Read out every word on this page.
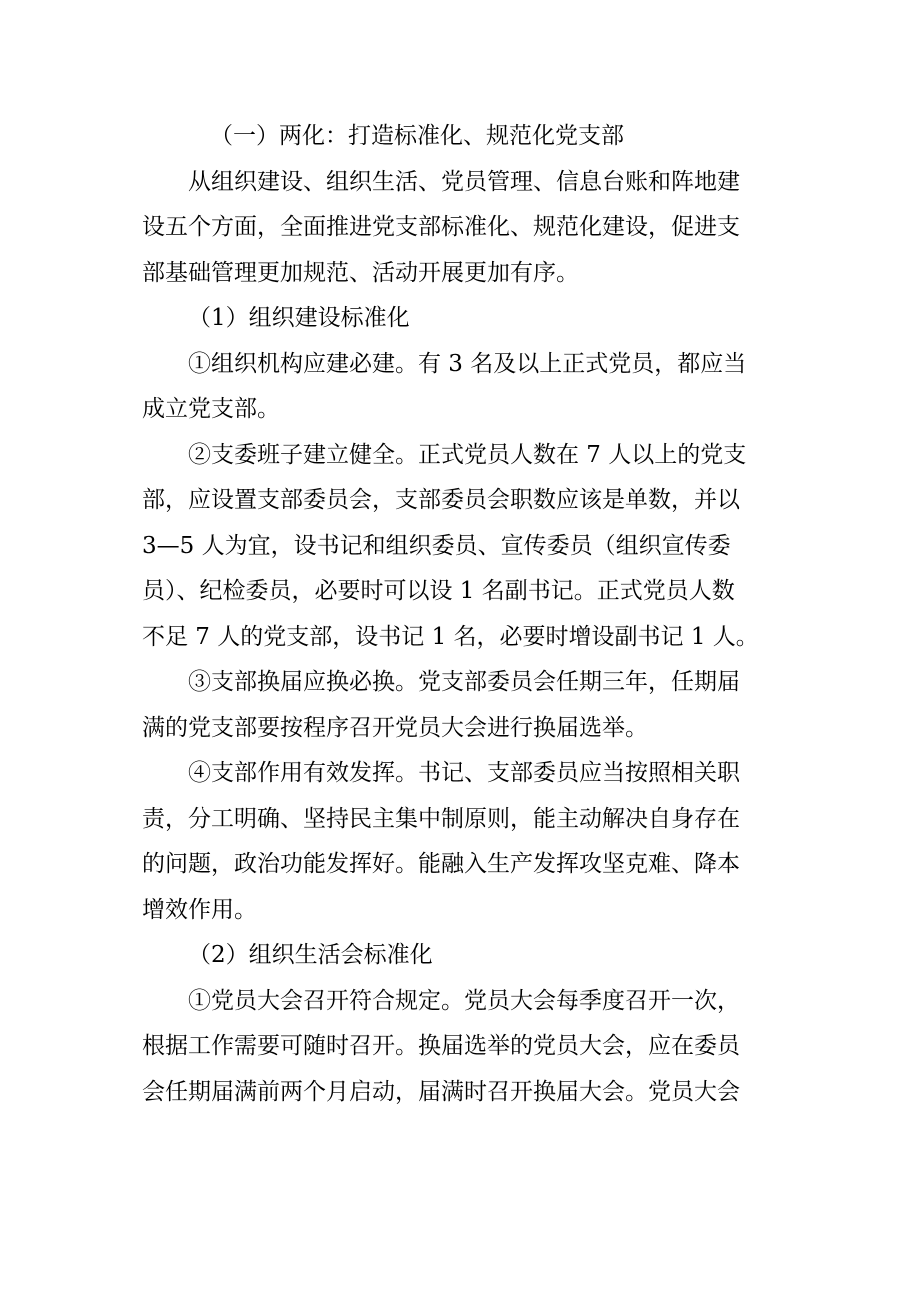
（一）两化：打造标准化、规范化党支部
从组织建设、组织生活、党员管理、信息台账和阵地建
设五个方面，全面推进党支部标准化、规范化建设，促进支
部基础管理更加规范、活动开展更加有序。
（1）组织建设标准化
①组织机构应建必建。有 3 名及以上正式党员，都应当
成立党支部。
②支委班子建立健全。正式党员人数在 7 人以上的党支
部，应设置支部委员会，支部委员会职数应该是单数，并以
3—5 人为宜，设书记和组织委员、宣传委员（组织宣传委
员）、纪检委员，必要时可以设 1 名副书记。正式党员人数
不足 7 人的党支部，设书记 1 名，必要时增设副书记 1 人。
③支部换届应换必换。党支部委员会任期三年，任期届
满的党支部要按程序召开党员大会进行换届选举。
④支部作用有效发挥。书记、支部委员应当按照相关职
责，分工明确、坚持民主集中制原则，能主动解决自身存在
的问题，政治功能发挥好。能融入生产发挥攻坚克难、降本
增效作用。
（2）组织生活会标准化
①党员大会召开符合规定。党员大会每季度召开一次，
根据工作需要可随时召开。换届选举的党员大会，应在委员
会任期届满前两个月启动，届满时召开换届大会。党员大会
